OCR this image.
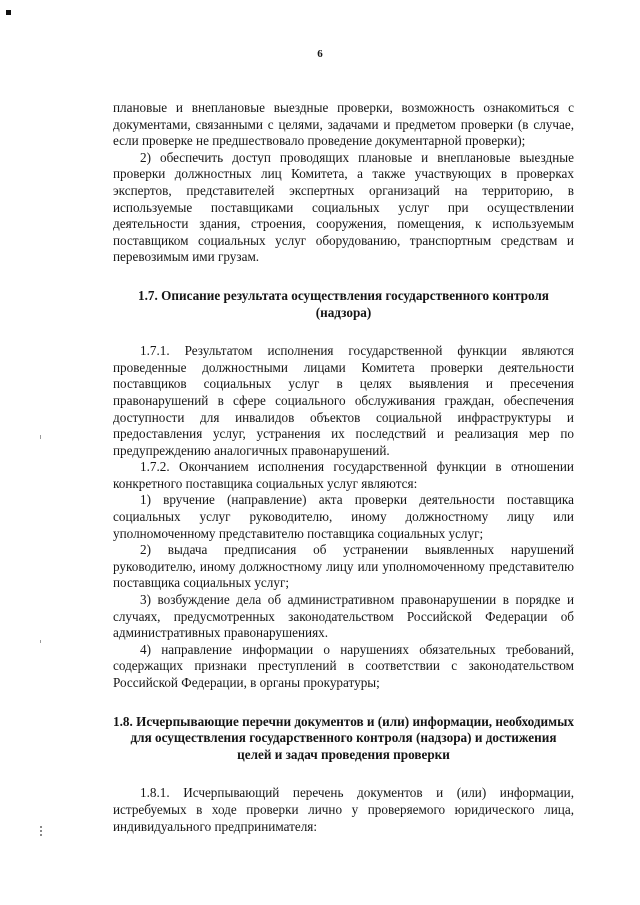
6

плановые и внеплановые выездные проверки, возможность ознакомиться с документами, связанными с целями, задачами и предметом проверки (в случае, если проверке не предшествовало проведение документарной проверки);

2) обеспечить доступ проводящих плановые и внеплановые выездные проверки должностных лиц Комитета, а также участвующих в проверках экспертов, представителей экспертных организаций на территорию, в используемые поставщиками социальных услуг при осуществлении деятельности здания, строения, сооружения, помещения, к используемым поставщиком социальных услуг оборудованию, транспортным средствам и перевозимым ими грузам.

1.7. Описание результата осуществления государственного контроля (надзора)

1.7.1. Результатом исполнения государственной функции являются проведенные должностными лицами Комитета проверки деятельности поставщиков социальных услуг в целях выявления и пресечения правонарушений в сфере социального обслуживания граждан, обеспечения доступности для инвалидов объектов социальной инфраструктуры и предоставления услуг, устранения их последствий и реализация мер по предупреждению аналогичных правонарушений.

1.7.2. Окончанием исполнения государственной функции в отношении конкретного поставщика социальных услуг являются:

1) вручение (направление) акта проверки деятельности поставщика социальных услуг руководителю, иному должностному лицу или уполномоченному представителю поставщика социальных услуг;

2) выдача предписания об устранении выявленных нарушений руководителю, иному должностному лицу или уполномоченному представителю поставщика социальных услуг;

3) возбуждение дела об административном правонарушении в порядке и случаях, предусмотренных законодательством Российской Федерации об административных правонарушениях.

4) направление информации о нарушениях обязательных требований, содержащих признаки преступлений в соответствии с законодательством Российской Федерации, в органы прокуратуры;

1.8. Исчерпывающие перечни документов и (или) информации, необходимых для осуществления государственного контроля (надзора) и достижения целей и задач проведения проверки

1.8.1. Исчерпывающий перечень документов и (или) информации, истребуемых в ходе проверки лично у проверяемого юридического лица, индивидуального предпринимателя:
